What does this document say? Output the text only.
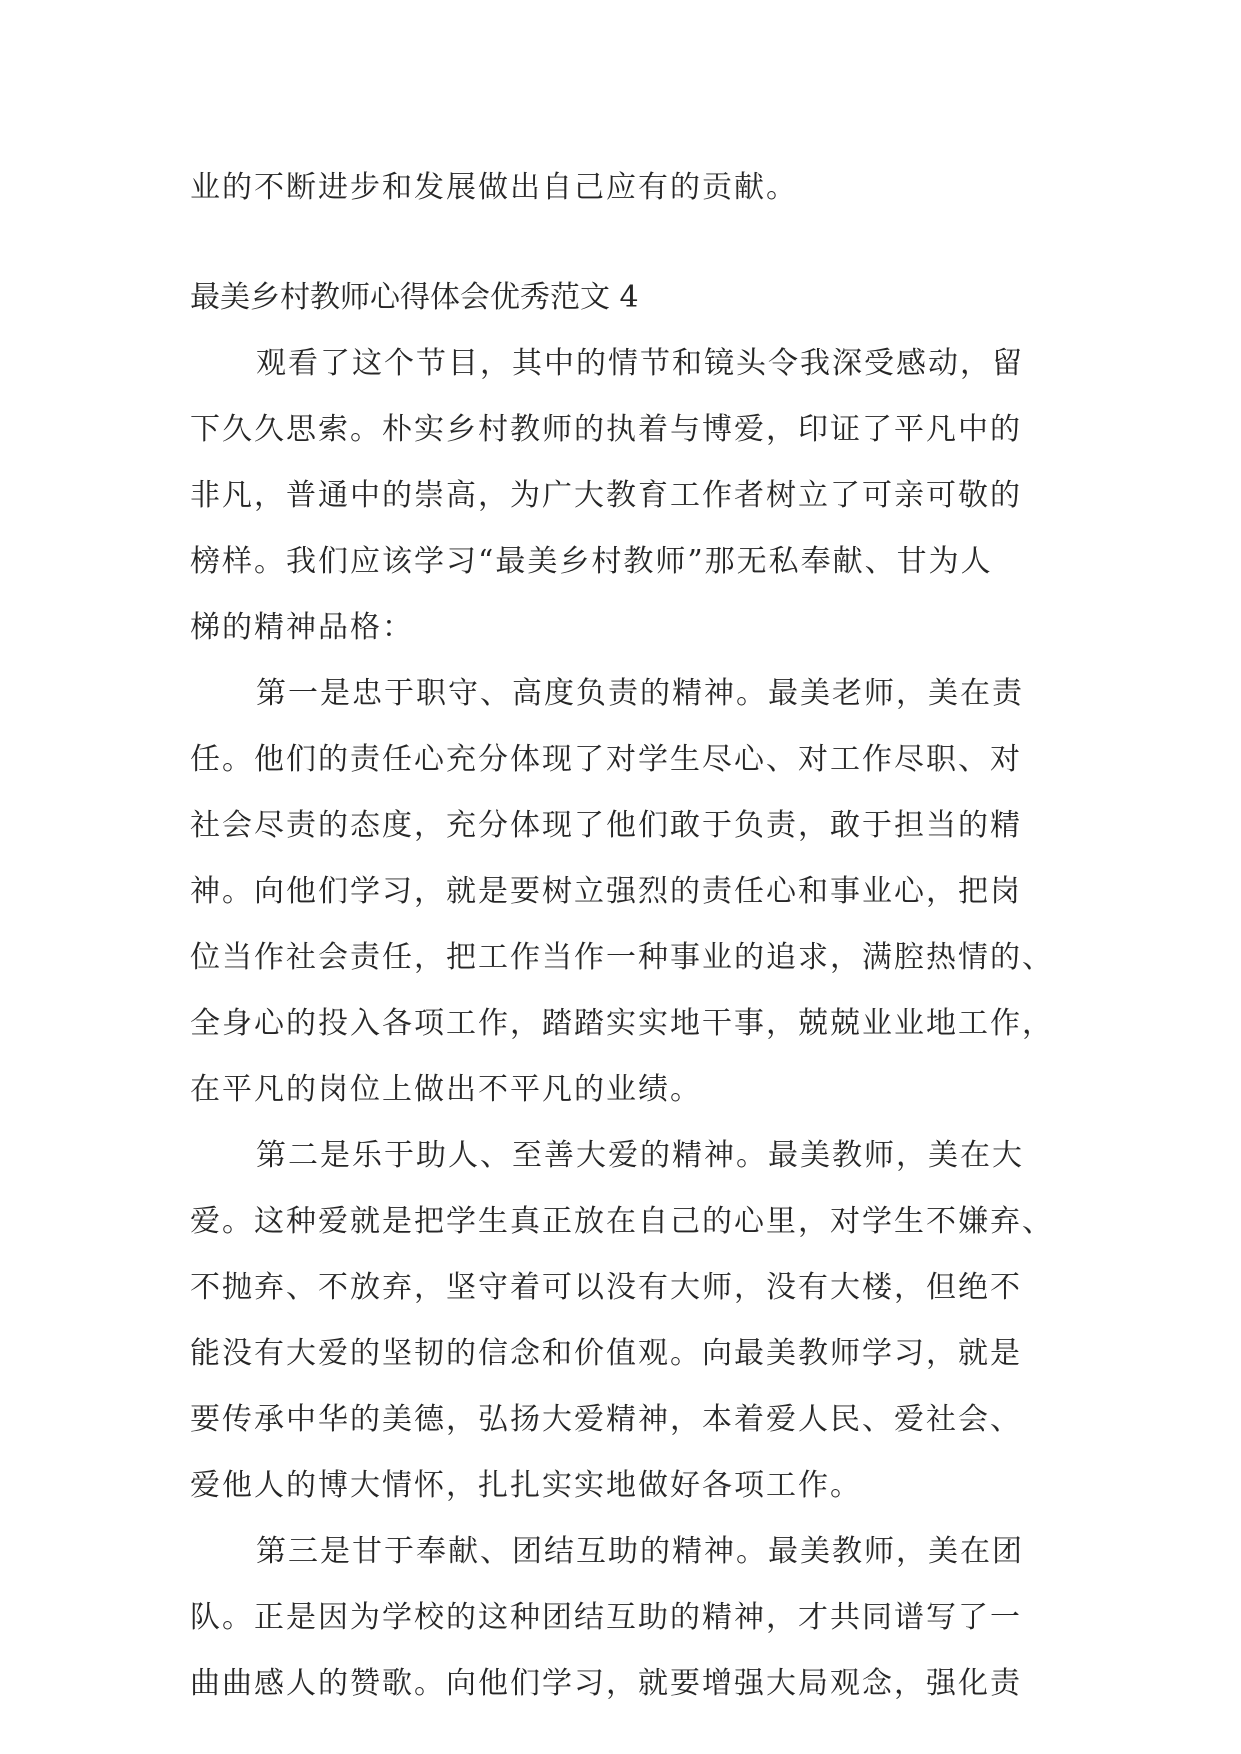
业的不断进步和发展做出自己应有的贡献。
最美乡村教师心得体会优秀范文 4
观看了这个节目，其中的情节和镜头令我深受感动，留
下久久思索。朴实乡村教师的执着与博爱，印证了平凡中的
非凡，普通中的崇高，为广大教育工作者树立了可亲可敬的
榜样。我们应该学习“最美乡村教师”那无私奉献、甘为人
梯的精神品格：
第一是忠于职守、高度负责的精神。最美老师，美在责
任。他们的责任心充分体现了对学生尽心、对工作尽职、对
社会尽责的态度，充分体现了他们敢于负责，敢于担当的精
神。向他们学习，就是要树立强烈的责任心和事业心，把岗
位当作社会责任，把工作当作一种事业的追求，满腔热情的、
全身心的投入各项工作，踏踏实实地干事，兢兢业业地工作，
在平凡的岗位上做出不平凡的业绩。
第二是乐于助人、至善大爱的精神。最美教师，美在大
爱。这种爱就是把学生真正放在自己的心里，对学生不嫌弃、
不抛弃、不放弃，坚守着可以没有大师，没有大楼，但绝不
能没有大爱的坚韧的信念和价值观。向最美教师学习，就是
要传承中华的美德，弘扬大爱精神，本着爱人民、爱社会、
爱他人的博大情怀，扎扎实实地做好各项工作。
第三是甘于奉献、团结互助的精神。最美教师，美在团
队。正是因为学校的这种团结互助的精神，才共同谱写了一
曲曲感人的赞歌。向他们学习，就要增强大局观念，强化责
